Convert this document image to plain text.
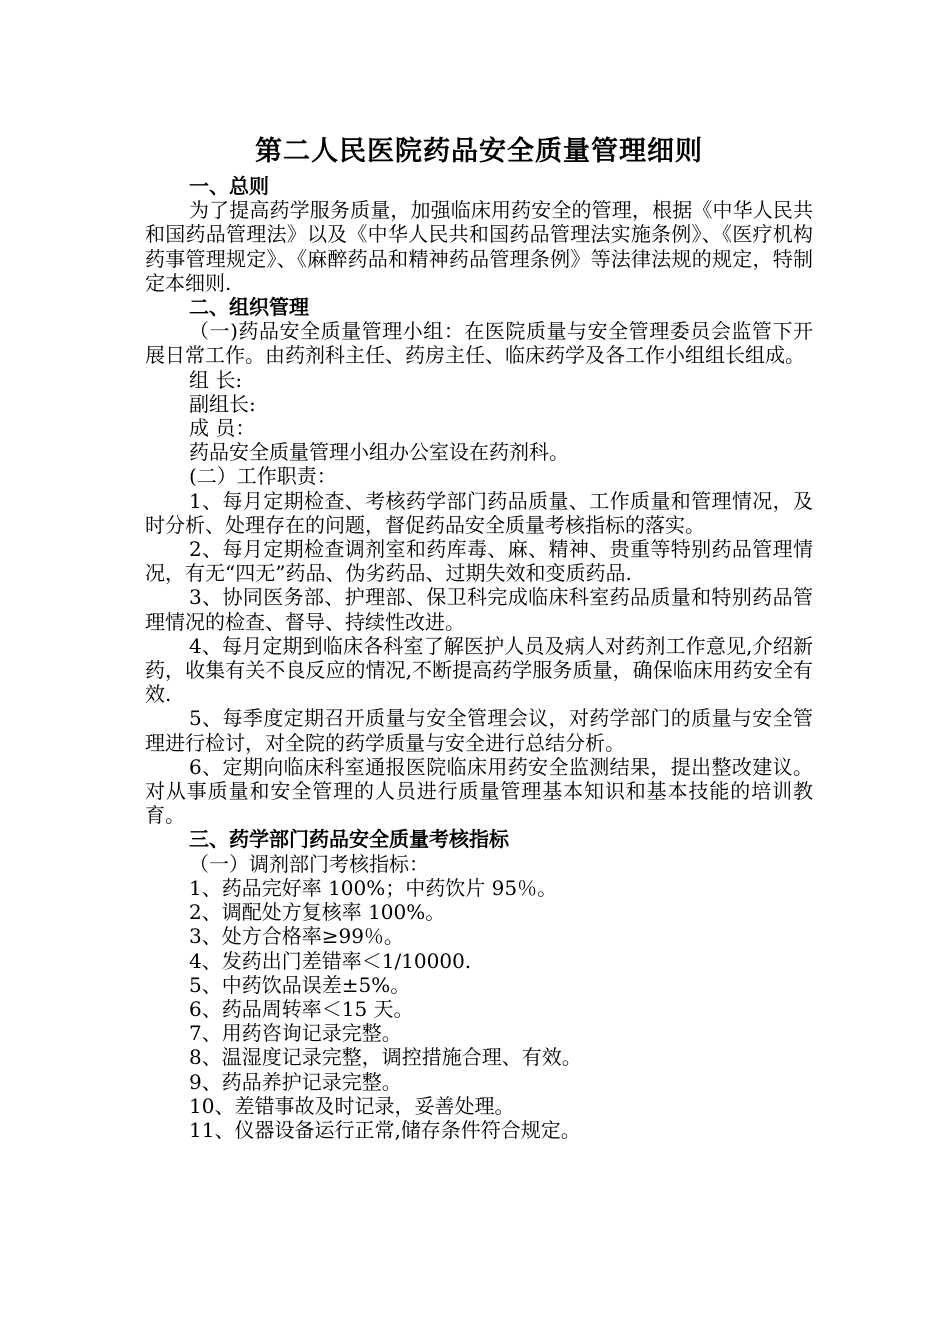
第二人民医院药品安全质量管理细则

一、总则

为了提高药学服务质量，加强临床用药安全的管理，根据《中华人民共和国药品管理法》以及《中华人民共和国药品管理法实施条例》、《医疗机构药事管理规定》、《麻醉药品和精神药品管理条例》等法律法规的规定，特制定本细则.

二、组织管理

（一)药品安全质量管理小组：在医院质量与安全管理委员会监管下开展日常工作。由药剂科主任、药房主任、临床药学及各工作小组组长组成。

组 长:

副组长:

成 员：

药品安全质量管理小组办公室设在药剂科。

(二）工作职责：

1、每月定期检查、考核药学部门药品质量、工作质量和管理情况，及时分析、处理存在的问题，督促药品安全质量考核指标的落实。

2、每月定期检查调剂室和药库毒、麻、精神、贵重等特别药品管理情况，有无“四无”药品、伪劣药品、过期失效和变质药品.

3、协同医务部、护理部、保卫科完成临床科室药品质量和特别药品管理情况的检查、督导、持续性改进。

4、每月定期到临床各科室了解医护人员及病人对药剂工作意见,介绍新药，收集有关不良反应的情况,不断提高药学服务质量，确保临床用药安全有效.

5、每季度定期召开质量与安全管理会议，对药学部门的质量与安全管理进行检讨，对全院的药学质量与安全进行总结分析。

6、定期向临床科室通报医院临床用药安全监测结果，提出整改建议。对从事质量和安全管理的人员进行质量管理基本知识和基本技能的培训教育。

三、药学部门药品安全质量考核指标

（一）调剂部门考核指标：

1、药品完好率 100%；中药饮片 95％。

2、调配处方复核率 100%。

3、处方合格率≥99％。

4、发药出门差错率＜1/10000.

5、中药饮品误差±5%。

6、药品周转率＜15 天。

7、用药咨询记录完整。

8、温湿度记录完整，调控措施合理、有效。

9、药品养护记录完整。

10、差错事故及时记录，妥善处理。

11、仪器设备运行正常,储存条件符合规定。
